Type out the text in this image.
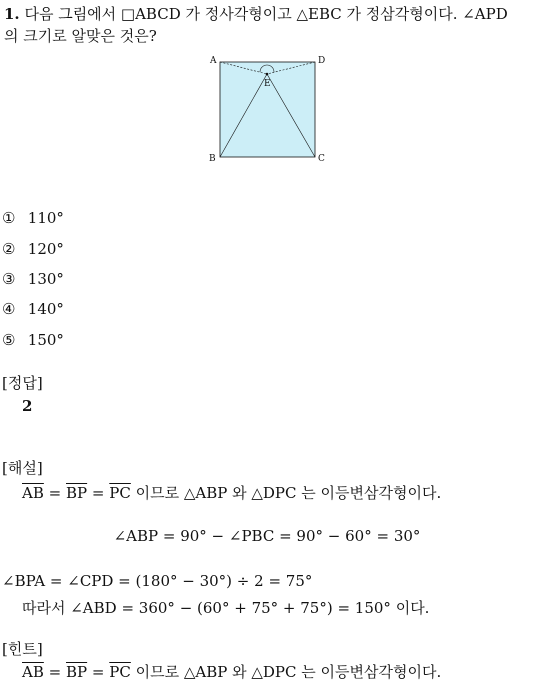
1. 다음 그림에서 □ABCD 가 정사각형이고 △EBC 가 정삼각형이다. ∠APD
의 크기로 알맞은 것은?
A	D
B	C
E
① 110°
② 120°
③ 130°
④ 140°
⑤ 150°
[정답]
2
[해설]
$\overline{AB} = \overline{BP} = \overline{PC}$ 이므로 △ABP 와 △DPC 는 이등변삼각형이다.
∠ABP = 90° − ∠PBC = 90° − 60° = 30°
∠BPA = ∠CPD = (180° − 30°) ÷ 2 = 75°
따라서 ∠ABD = 360° − (60° + 75° + 75°) = 150° 이다.
[힌트]
$\overline{AB} = \overline{BP} = \overline{PC}$ 이므로 △ABP 와 △DPC 는 이등변삼각형이다.
